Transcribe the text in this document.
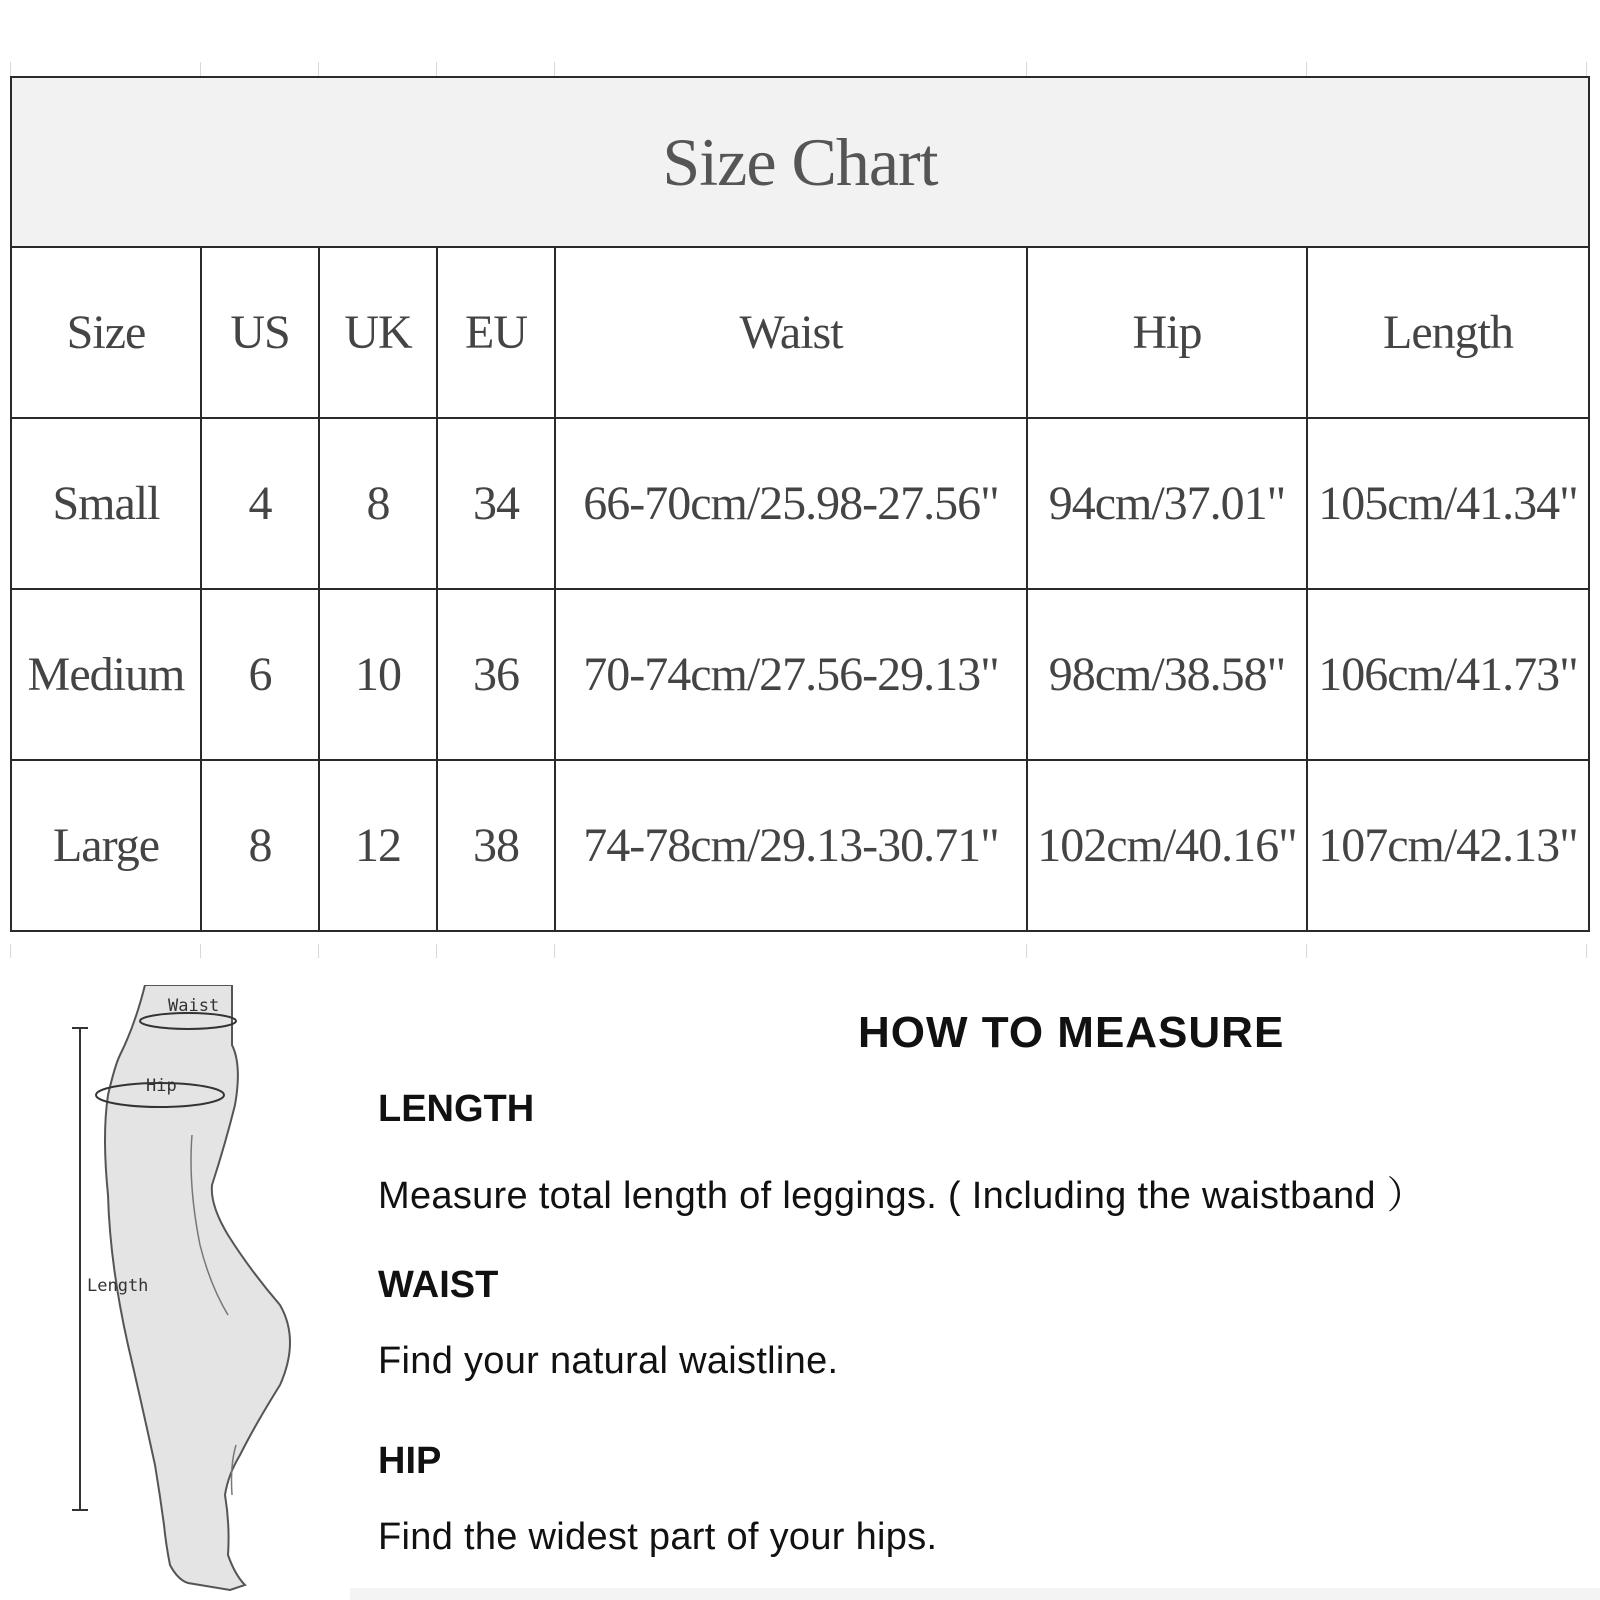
Size Chart						
Size	US	UK	EU	Waist	Hip	Length
Small	4	8	34	66-70cm/25.98-27.56"	94cm/37.01"	105cm/41.34"
Medium	6	10	36	70-74cm/27.56-29.13"	98cm/38.58"	106cm/41.73"
Large	8	12	38	74-78cm/29.13-30.71"	102cm/40.16"	107cm/42.13"
Waist
Hip
Length
HOW TO MEASURE
LENGTH
Measure total length of leggings. ( Including the waistband ）
WAIST
Find your natural waistline.
HIP
Find the widest part of your hips.
